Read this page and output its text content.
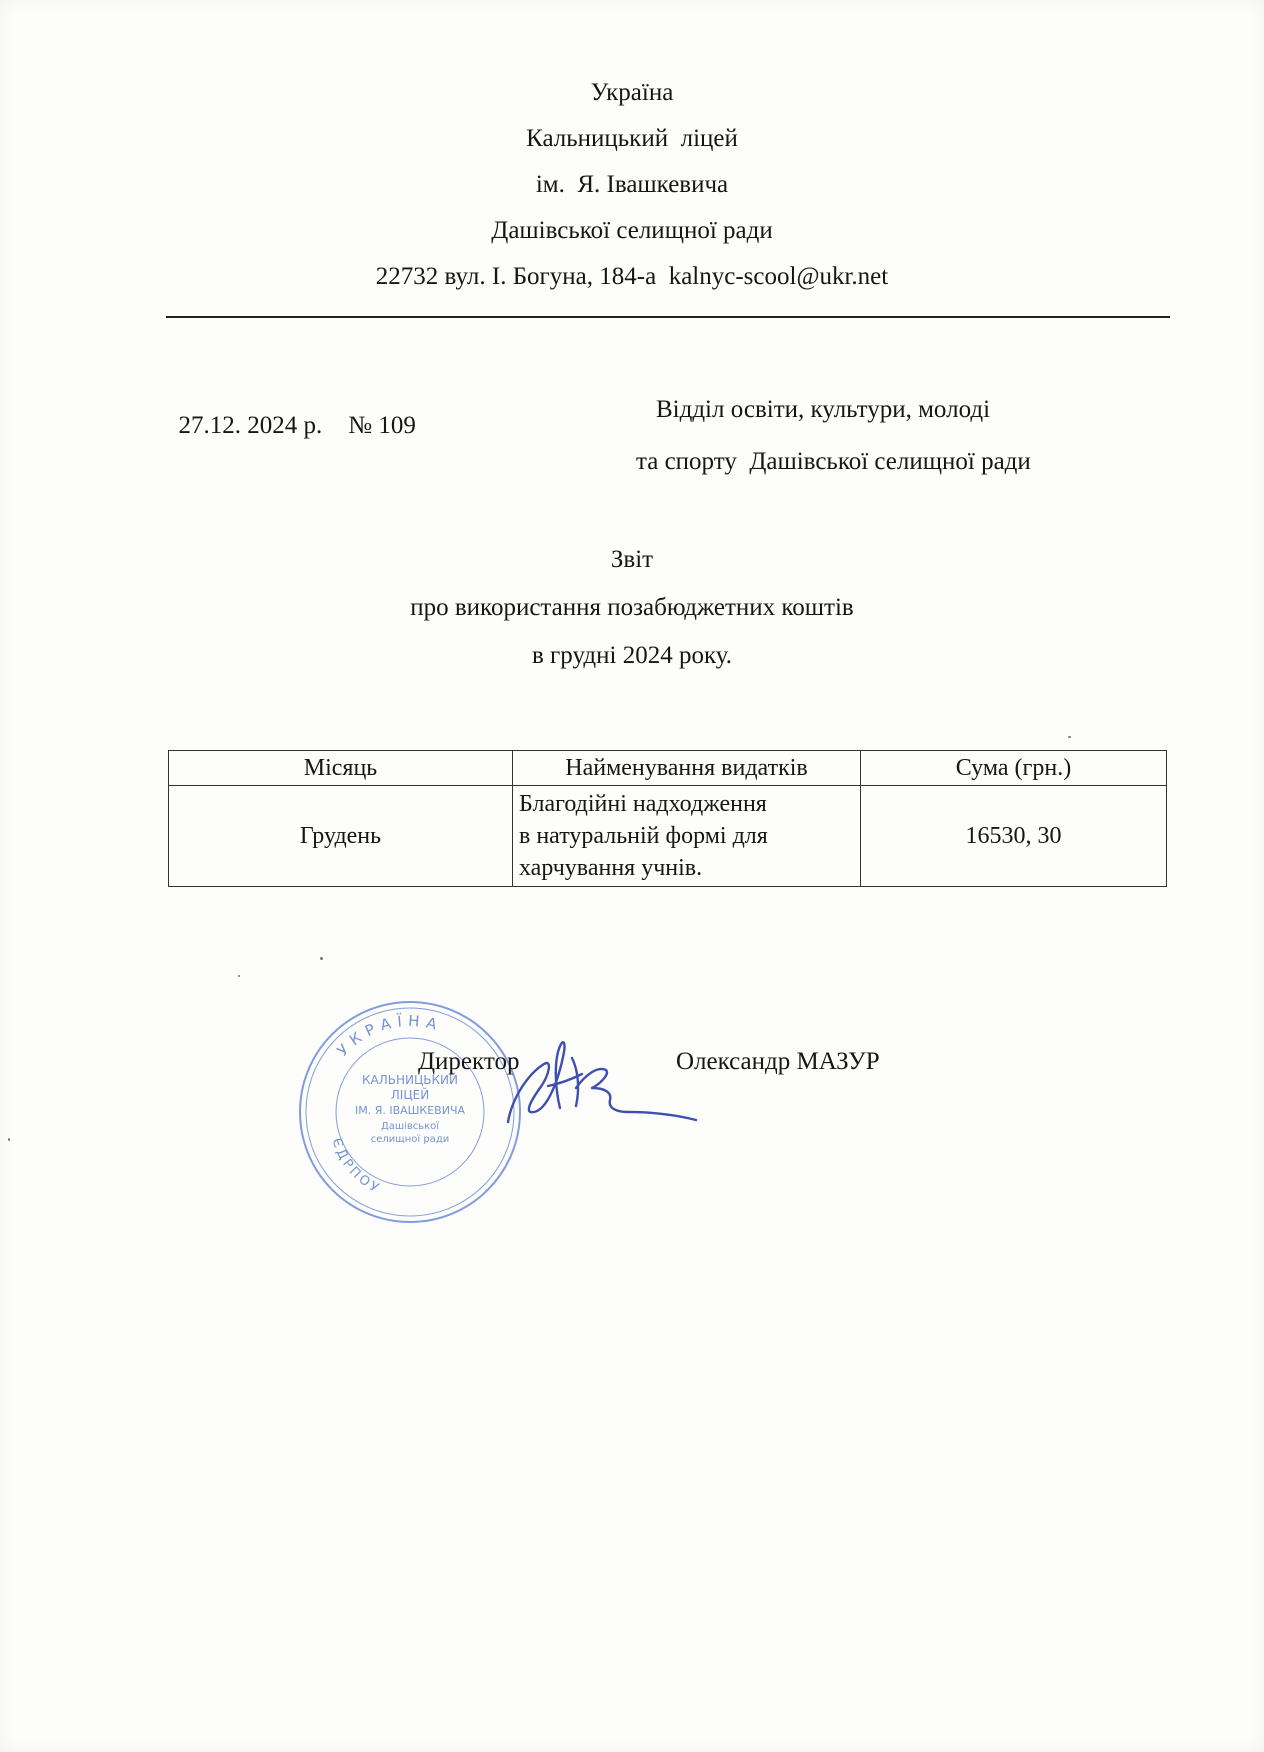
Україна
Кальницький  ліцей
ім.  Я. Івашкевича
Дашівської селищної ради
22732 вул. І. Богуна, 184-а  kalnyc-scool@ukr.net

27.12. 2024 р. № 109

Відділ освіти, культури, молоді
та спорту  Дашівської селищної ради
Звіт
про використання позабюджетних коштів
в грудні 2024 року.
Місяць	Найменування видатків	Сума (грн.)
Грудень	Благодійні надходження
в натуральній формі для
харчування учнів.	16530, 30
УКРАЇНА
ЄДРПОУ
КАЛЬНИЦЬКИЙ
ЛІЦЕЙ
ІМ. Я. ІВАШКЕВИЧА
Дашівської
селищної ради
Директор	Олександр МАЗУР
